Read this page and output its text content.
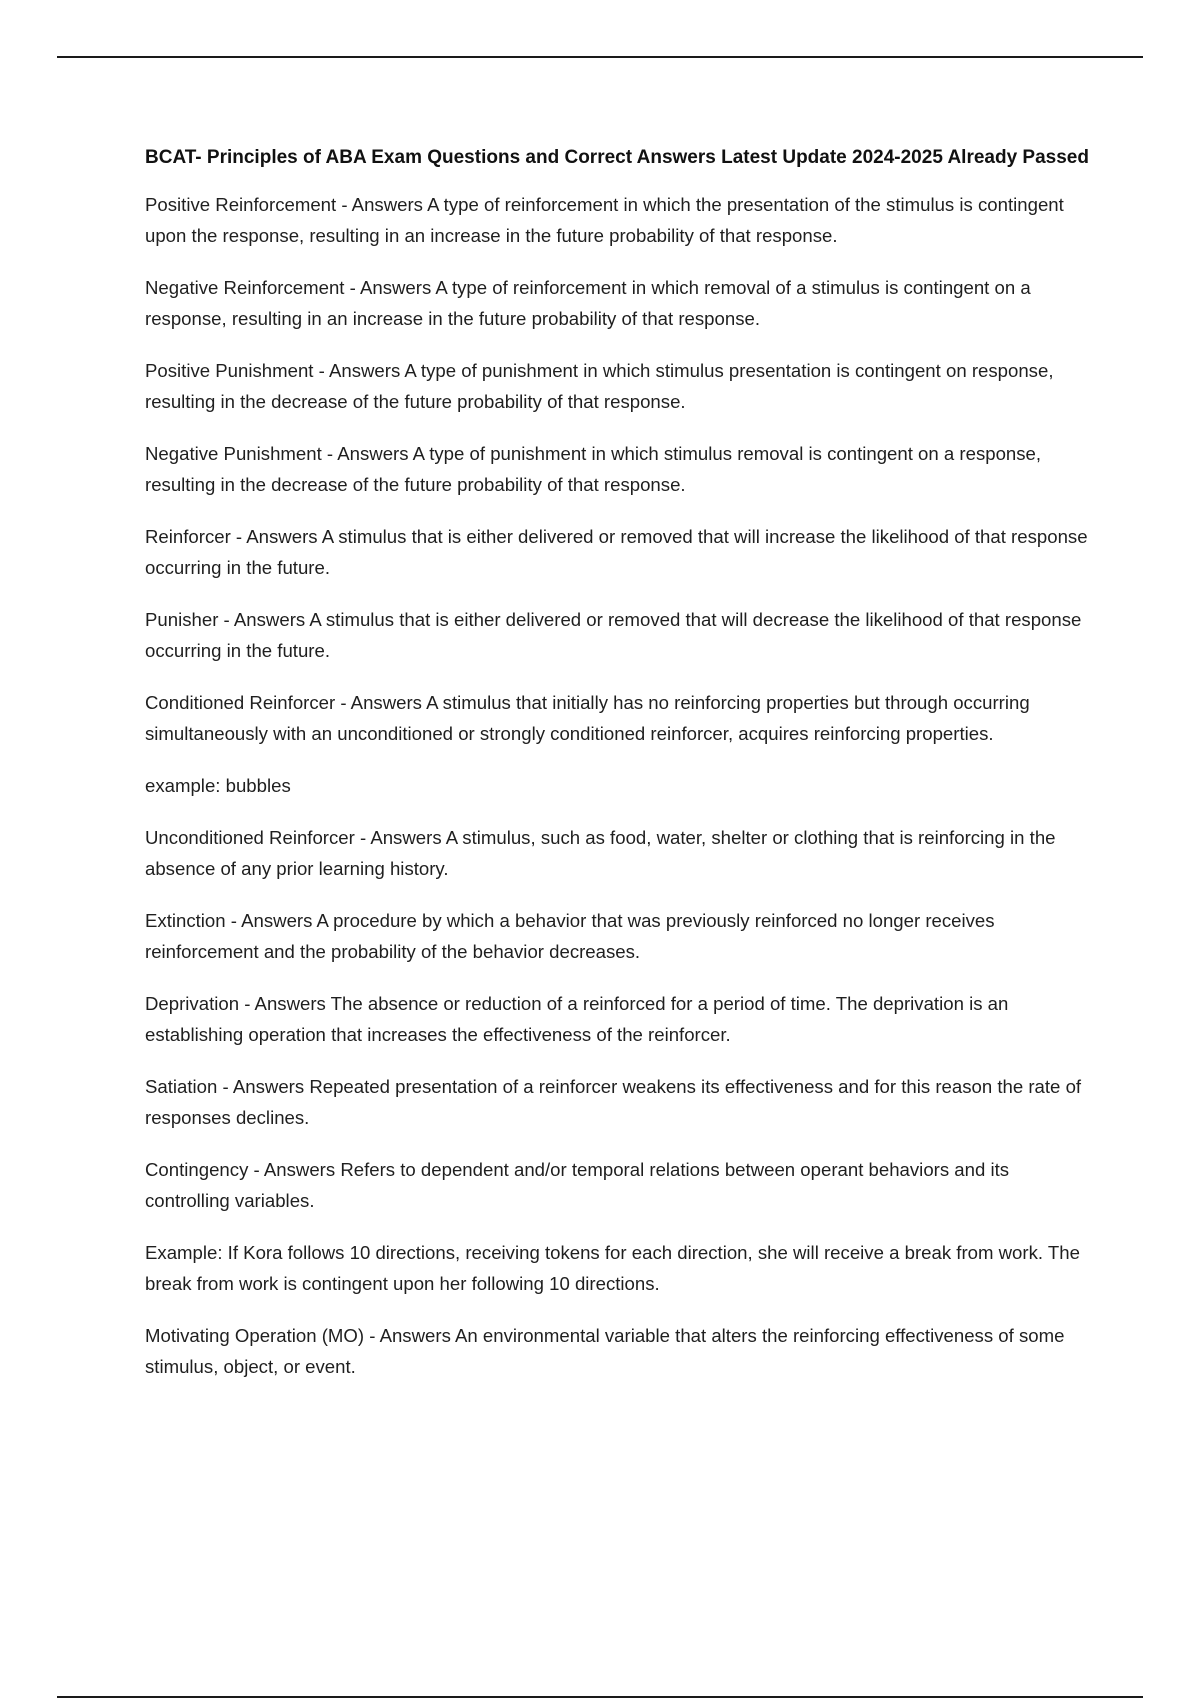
BCAT- Principles of ABA Exam Questions and Correct Answers Latest Update 2024-2025 Already Passed

Positive Reinforcement - Answers A type of reinforcement in which the presentation of the stimulus is contingent upon the response, resulting in an increase in the future probability of that response.

Negative Reinforcement - Answers A type of reinforcement in which removal of a stimulus is contingent on a response, resulting in an increase in the future probability of that response.

Positive Punishment - Answers A type of punishment in which stimulus presentation is contingent on response, resulting in the decrease of the future probability of that response.

Negative Punishment - Answers A type of punishment in which stimulus removal is contingent on a response, resulting in the decrease of the future probability of that response.

Reinforcer - Answers A stimulus that is either delivered or removed that will increase the likelihood of that response occurring in the future.

Punisher - Answers A stimulus that is either delivered or removed that will decrease the likelihood of that response occurring in the future.

Conditioned Reinforcer - Answers A stimulus that initially has no reinforcing properties but through occurring simultaneously with an unconditioned or strongly conditioned reinforcer, acquires reinforcing properties.

example: bubbles

Unconditioned Reinforcer - Answers A stimulus, such as food, water, shelter or clothing that is reinforcing in the absence of any prior learning history.

Extinction - Answers A procedure by which a behavior that was previously reinforced no longer receives reinforcement and the probability of the behavior decreases.

Deprivation - Answers The absence or reduction of a reinforced for a period of time. The deprivation is an establishing operation that increases the effectiveness of the reinforcer.

Satiation - Answers Repeated presentation of a reinforcer weakens its effectiveness and for this reason the rate of responses declines.

Contingency - Answers Refers to dependent and/or temporal relations between operant behaviors and its controlling variables.

Example: If Kora follows 10 directions, receiving tokens for each direction, she will receive a break from work. The break from work is contingent upon her following 10 directions.

Motivating Operation (MO) - Answers An environmental variable that alters the reinforcing effectiveness of some stimulus, object, or event.
